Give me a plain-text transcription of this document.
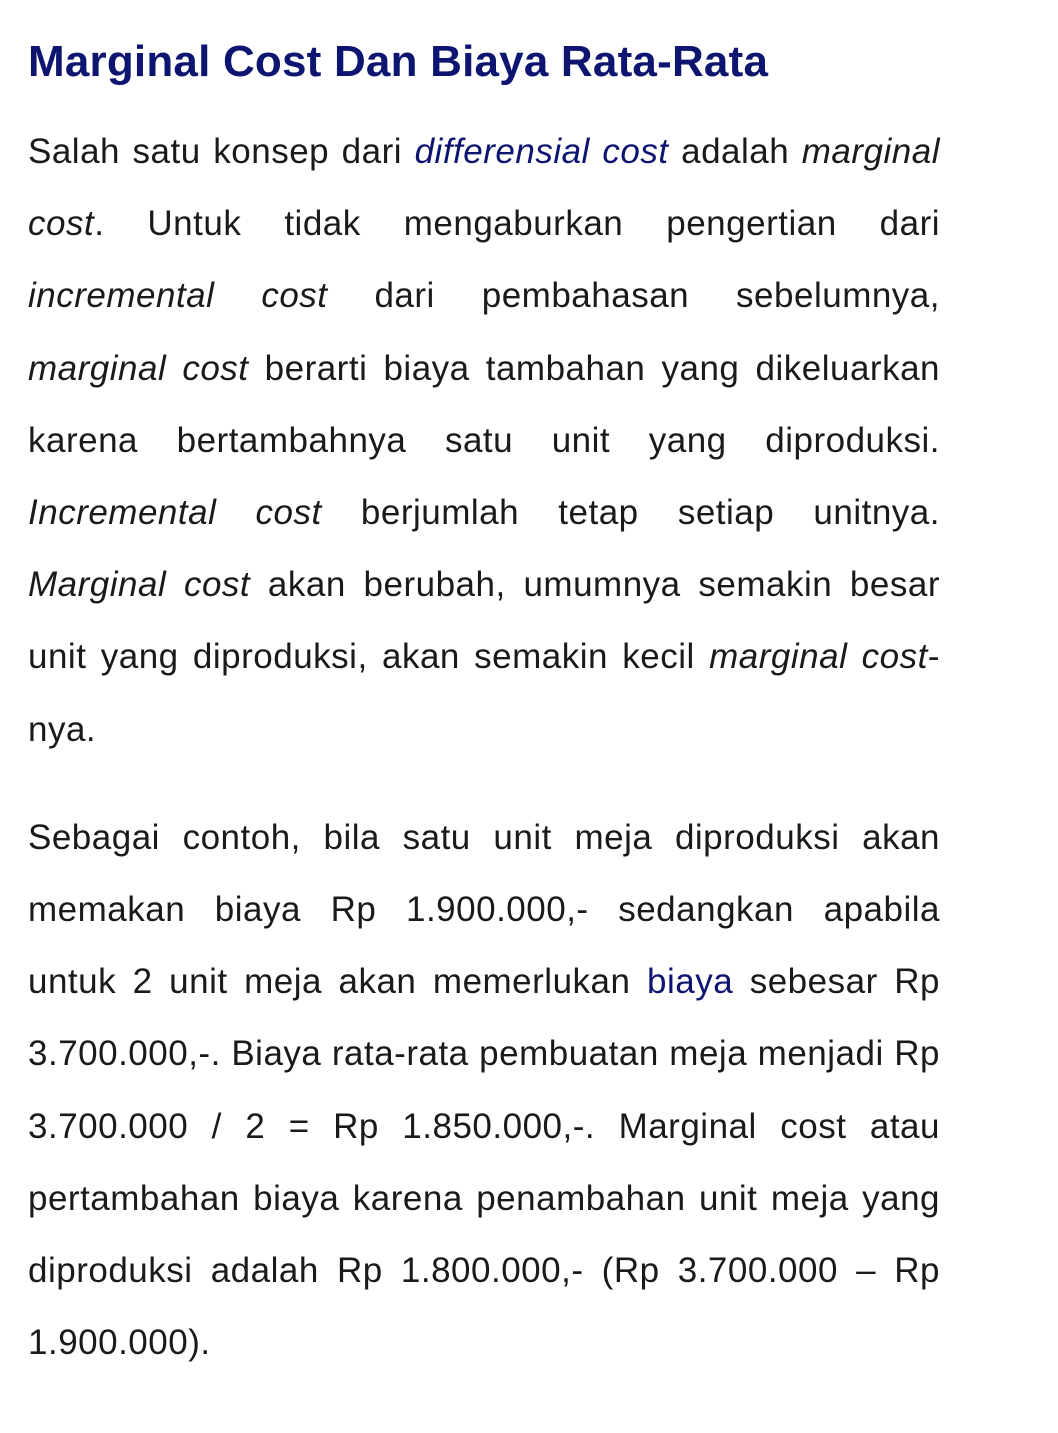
Marginal Cost Dan Biaya Rata-Rata

Salah satu konsep dari differensial cost adalah marginal cost. Untuk tidak mengaburkan pengertian dari incremental cost dari pembahasan sebelumnya, marginal cost berarti biaya tambahan yang dikeluarkan karena bertambahnya satu unit yang diproduksi. Incremental cost berjumlah tetap setiap unitnya. Marginal cost akan berubah, umumnya semakin besar unit yang diproduksi, akan semakin kecil marginal cost-nya.

Sebagai contoh, bila satu unit meja diproduksi akan memakan biaya Rp 1.900.000,- sedangkan apabila untuk 2 unit meja akan memerlukan biaya sebesar Rp 3.700.000,-. Biaya rata-rata pembuatan meja menjadi Rp 3.700.000 / 2 = Rp 1.850.000,-. Marginal cost atau pertambahan biaya karena penambahan unit meja yang diproduksi adalah Rp 1.800.000,- (Rp 3.700.000 – Rp 1.900.000).
